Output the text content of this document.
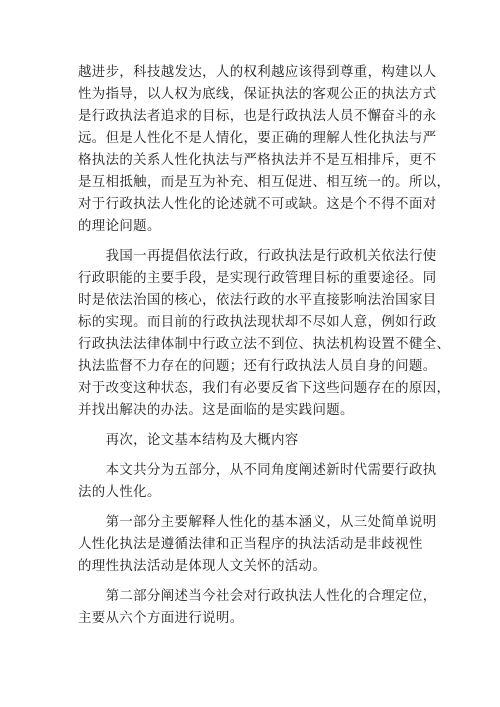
越进步，科技越发达，人的权利越应该得到尊重，构建以人
性为指导，以人权为底线，保证执法的客观公正的执法方式
是行政执法者追求的目标，也是行政执法人员不懈奋斗的永
远。但是人性化不是人情化，要正确的理解人性化执法与严
格执法的关系人性化执法与严格执法并不是互相排斥，更不
是互相抵触，而是互为补充、相互促进、相互统一的。所以，
对于行政执法人性化的论述就不可或缺。这是个不得不面对
的理论问题。
　　我国一再提倡依法行政，行政执法是行政机关依法行使
行政职能的主要手段，是实现行政管理目标的重要途径。同
时是依法治国的核心，依法行政的水平直接影响法治国家目
标的实现。而目前的行政执法现状却不尽如人意，例如行政
行政执法法律体制中行政立法不到位、执法机构设置不健全、
执法监督不力存在的问题；还有行政执法人员自身的问题。
对于改变这种状态，我们有必要反省下这些问题存在的原因，
并找出解决的办法。这是面临的是实践问题。
　　再次，论文基本结构及大概内容
　　本文共分为五部分，从不同角度阐述新时代需要行政执
法的人性化。
　　第一部分主要解释人性化的基本涵义，从三处简单说明
人性化执法是遵循法律和正当程序的执法活动是非歧视性
的理性执法活动是体现人文关怀的活动。
　　第二部分阐述当今社会对行政执法人性化的合理定位，
主要从六个方面进行说明。
